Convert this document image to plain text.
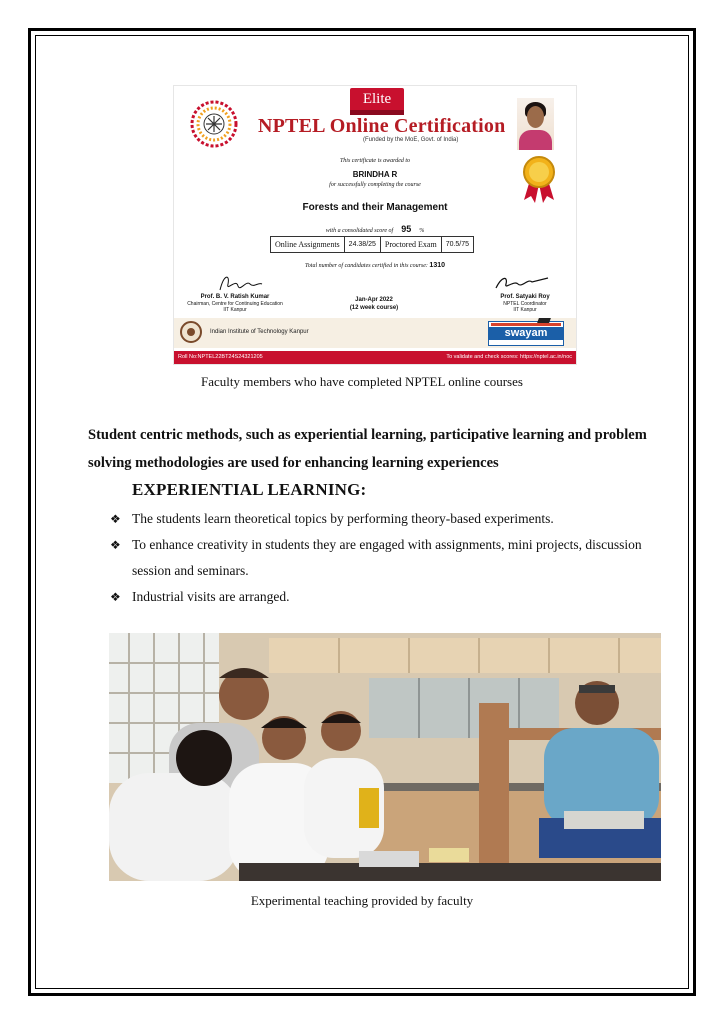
Elite
NPTEL Online Certification
(Funded by the MoE, Govt. of India)
This certificate is awarded to
BRINDHA R
for successfully completing the course
Forests and their Management
with a consolidated score of 95 %
Online Assignments	24.38/25	Proctored Exam	70.5/75
Total number of candidates certified in this course: 1310
Prof. B. V. Ratish Kumar
Chairman, Centre for Continuing Education
IIT Kanpur
Jan-Apr 2022
(12 week course)
Prof. Satyaki Roy
NPTEL Coordinator
IIT Kanpur
Indian Institute of Technology Kanpur	swayam
Roll No:NPTEL22BT24S24321205	To validate and check scores: https://nptel.ac.in/noc
Faculty members who have completed NPTEL online courses
Student centric methods, such as experiential learning, participative learning and problem solving methodologies are used for enhancing learning experiences
EXPERIENTIAL LEARNING:
❖ The students learn theoretical topics by performing theory-based experiments.
❖ To enhance creativity in students they are engaged with assignments, mini projects, discussion session and seminars.
❖ Industrial visits are arranged.
Experimental teaching provided by faculty
